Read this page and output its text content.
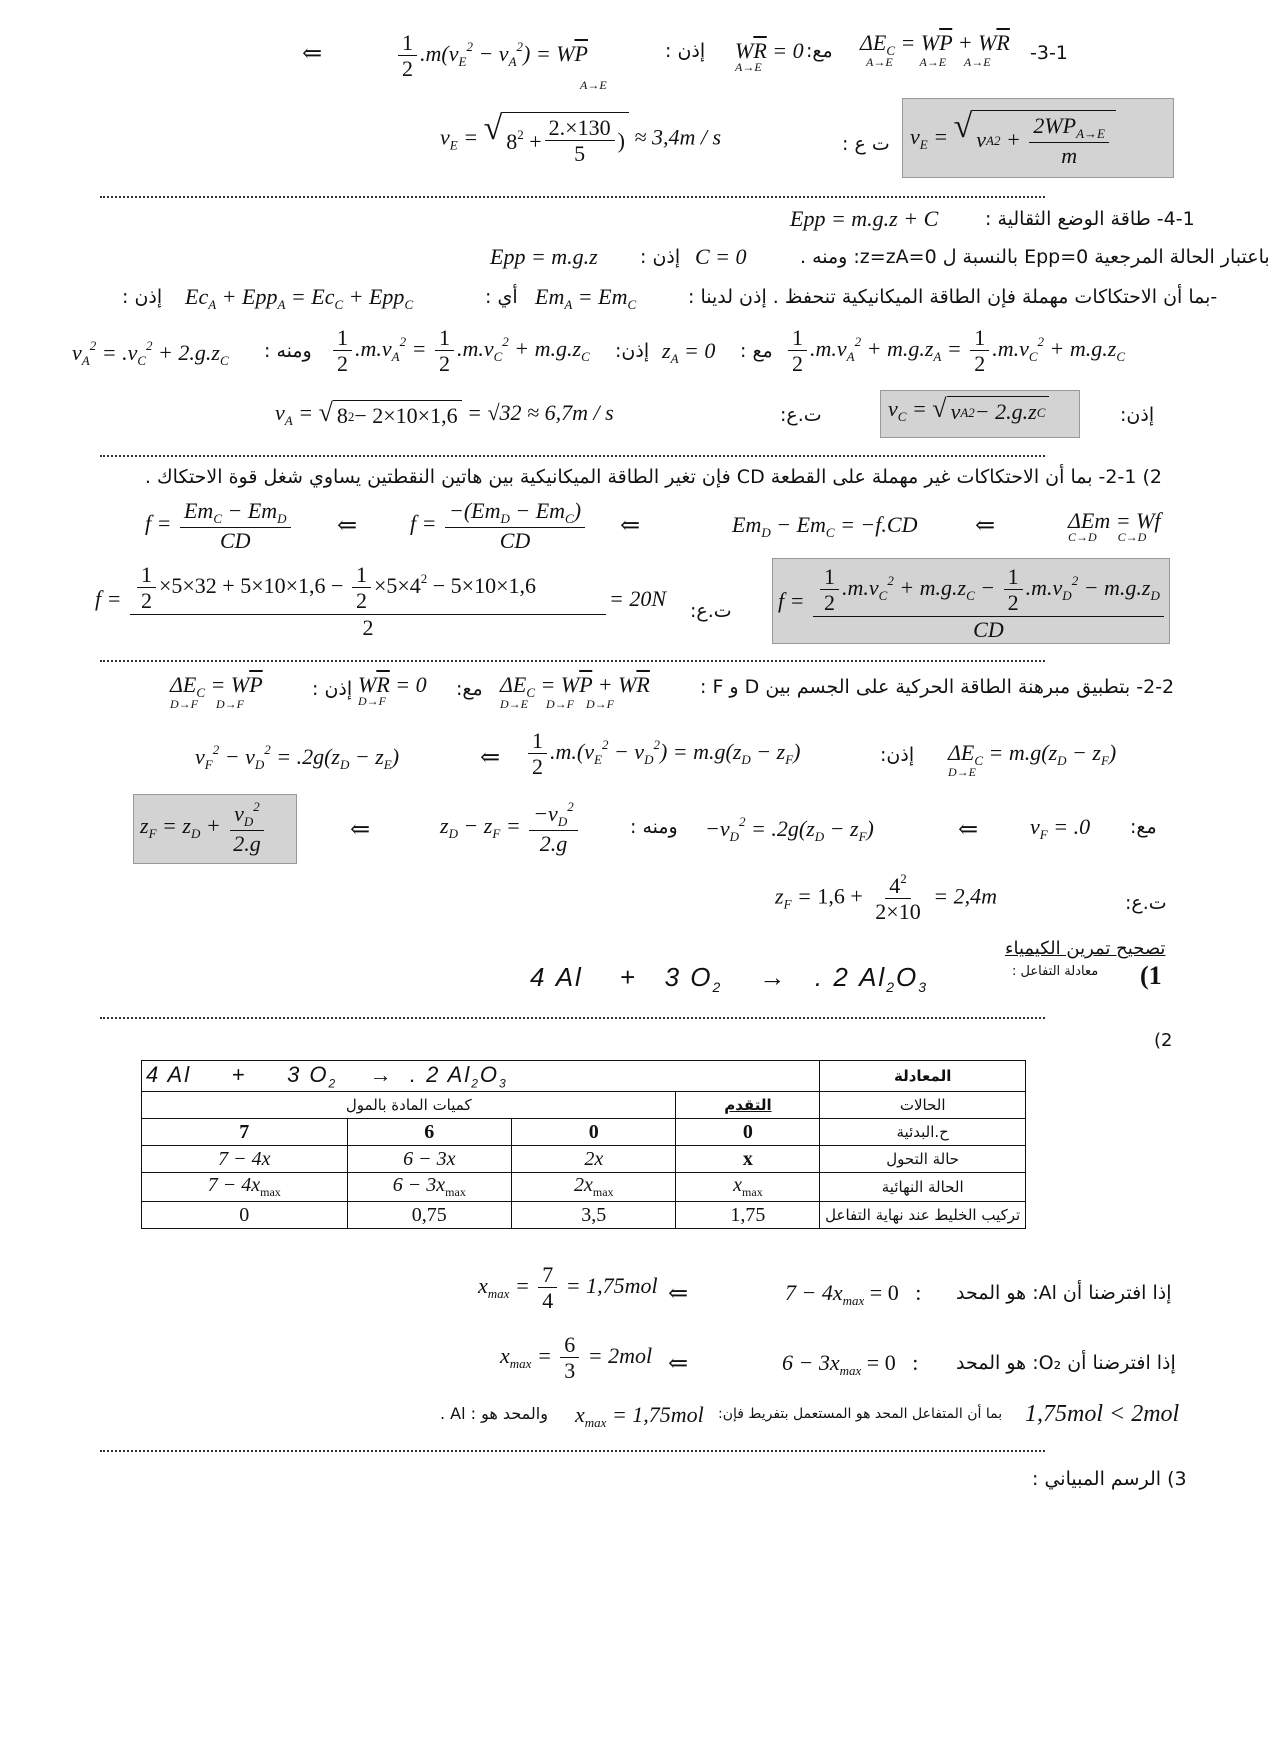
3-1-
$\Delta E_C = W\overline{P} + W\overline{R}$
A→E         A→E      A→E
مع:
$W\overline{R} = 0$
A→E
إذن :
$\frac{1}{2} .m(v_E^2 - v_A^2) = W\overline{P}$
A→E
⇐
$v_E$ = √ v A $2 + \frac{2WP_{A\to E}}{m}$
ت ع :
$v_E$ = √ $8^2 + \frac{2.\times 130}{5}$ ) ≈ 3,4m / s
4-1- طاقة الوضع الثقالية :
Epp = m.g.z + C
باعتبار الحالة المرجعية Epp=0 بالنسبة ل z=zA=0: ومنه .
C = 0
إذن :
Epp = m.g.z
-بما أن الاحتكاكات مهملة فإن الطاقة الميكانيكية تنحفظ . إذن لدينا :
$Em_A = Em_C$
أي :
$Ec_A + Epp_A = Ec_C + Epp_C$
إذن :
$\frac{1}{2} .m.v_A^2 + m.g.z_A = \frac{1}{2} .m.v_C^2 + m.g.z_C$
مع :
$z_A = 0$
إذن:
$\frac{1}{2} .m.v_A^2 = \frac{1}{2} .m.v_C^2 + m.g.z_C$
ومنه :
$v_A^2 = .v_C^2 + 2.g.z_C$
$v_C$ = √ v A 2 − 2.g.z C	إذن:
ت.ع:
$v_A$ = √ 8 2 − 2×10×1,6 = √32 ≈ 6,7m / s
2) 2-1- بما أن الاحتكاكات غير مهملة على القطعة CD فإن تغير الطاقة الميكانيكية بين هاتين النقطتين يساوي شغل قوة الاحتكاك .
ΔEm = Wf
C→D       C→D
⇐
$Em_D - Em_C = -f.CD$
⇐
$f = \frac{-(Em_D - Em_C)}{CD}$
⇐
$f = \frac{Em_C - Em_D}{CD}$
$f = \frac{\frac{1}{2} .m.v_C^2 + m.g.z_C - \frac{1}{2} .m.v_D^2 - m.g.z_D}{CD}$
ت.ع:
$f = \frac{\frac{1}{2} \times 5\times 32 + 5\times 10\times 1,6 - \frac{1}{2} \times 5\times 4^2 - 5\times 10\times 1,6}{2} = 20N$
2-2- بتطبيق مبرهنة الطاقة الحركية على الجسم بين D و F :
$\Delta E_C = W\overline{P} + W\overline{R}$
D→E      D→F    D→F
مع:
$W\overline{R} = 0$
D→F
إذن :
$\Delta E_C = W\overline{P}$
D→F      D→F
$\Delta E_C = m.g(z_D - z_F)$
D→E
إذن:
$\frac{1}{2} .m.(v_E^2 - v_D^2) = m.g(z_D - z_F)$
⇐
$v_F^2 - v_D^2 = .2g(z_D - z_E)$
مع:
$v_F = .0$
⇐
$-v_D^2 = .2g(z_D - z_F)$
ومنه :
$z_D - z_F = \frac{-v_D^2}{2.g}$
⇐
$z_F = z_D + \frac{v_D^2}{2.g}$
ت.ع:
$z_F = 1,6 + \frac{4^2}{2\times 10} = 2,4m$
تصحيح تمرين الكيمياء
معادلة التفاعل : (1
4 Al + 3 $O_2$ →   . 2 $Al_2O_3$
(2
4 Al     +     3 $O_2$    →  . 2 $Al_2O_3$				المعادلة
كميات المادة بالمول			التقدم	الحالات
7	6	0	0	ح.البدئية
7 − 4x	6 − 3x	2x	x	حالة التحول
$7 - 4x_{max}$	$6 - 3x_{max}$	$2x_{max}$	$x_{max}$	الحالة النهائية
0	0,75	3,5	1,75	تركيب الخليط عند نهاية التفاعل
إذا افترضنا أن Al: هو المحد
$7 - 4x_{max} = 0$ :
⇐
$x_{max} = \frac{7}{4} = 1,75mol$
إذا افترضنا أن O₂: هو المحد
$6 - 3x_{max} = 0$ :
⇐
$x_{max} = \frac{6}{3} = 2mol$
1,75mol < 2mol
بما أن المتفاعل المحد هو المستعمل بتفريط فإن:
$x_{max} = 1,75mol$
والمحد هو : Al .
3) الرسم المبياني :
